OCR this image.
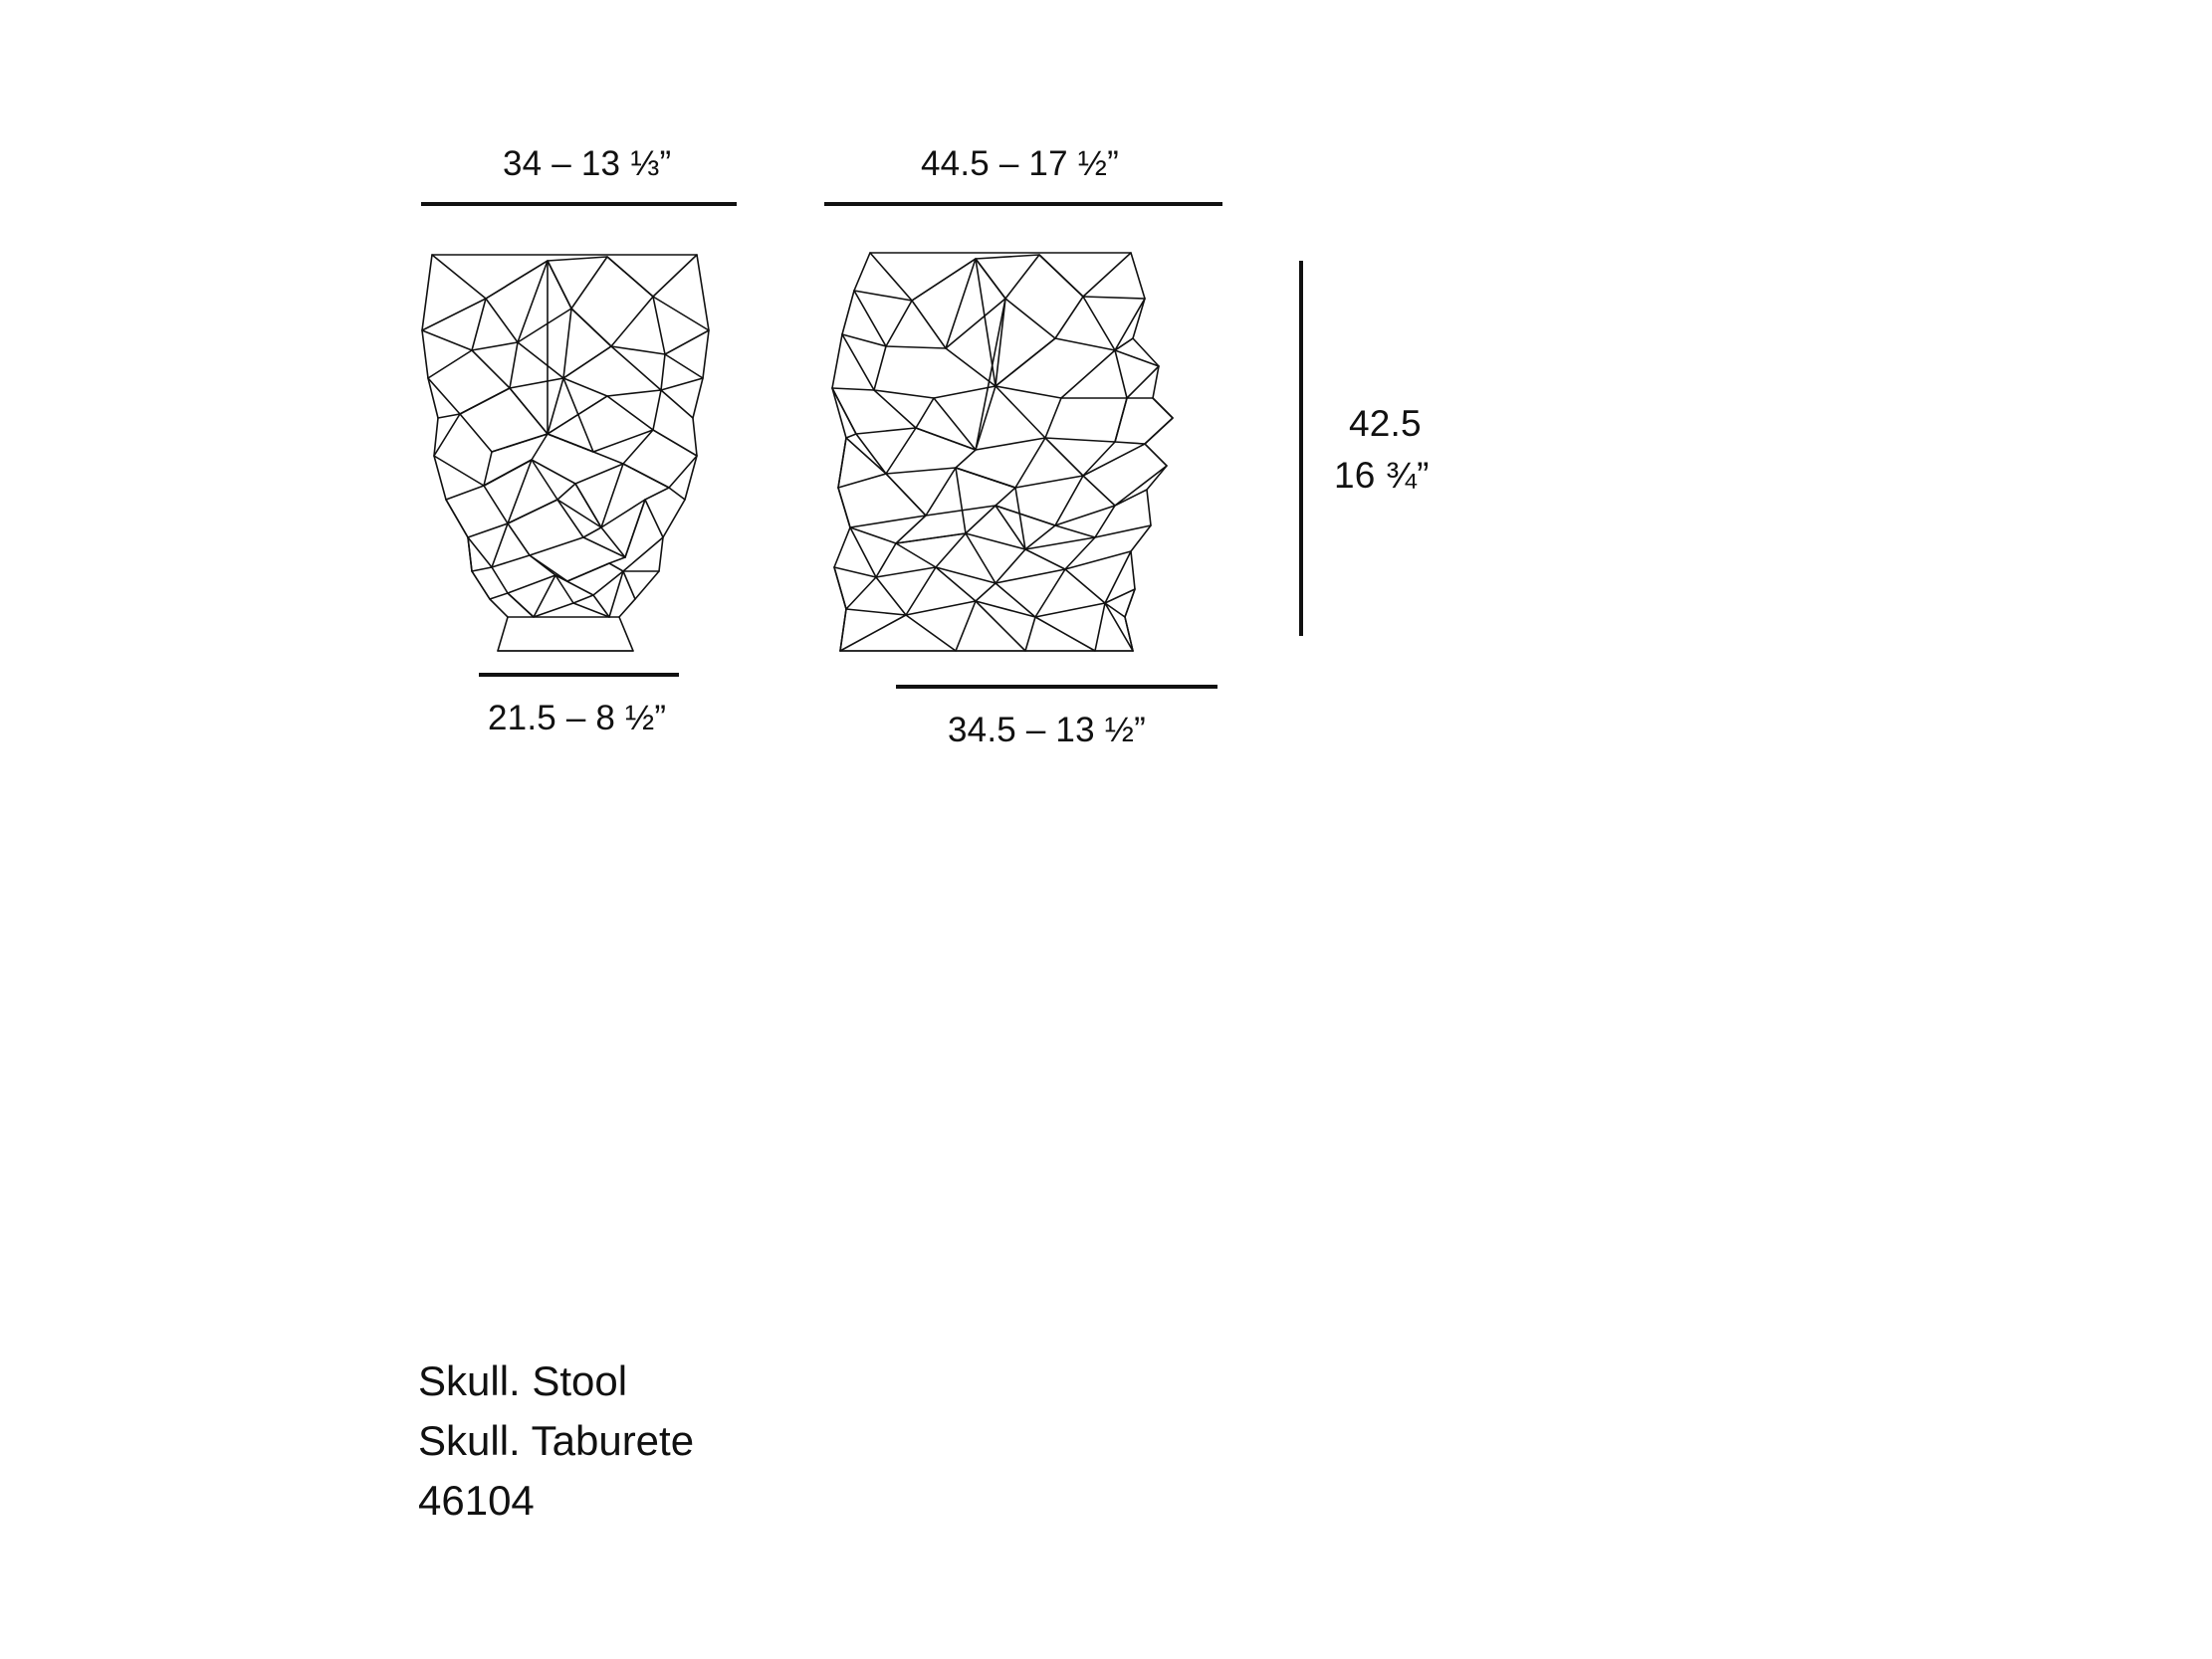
34 – 13 ⅓”	44.5 – 17 ½”
21.5 – 8 ½”	34.5 – 13 ½”
42.5
16 ¾”
Skull. Stool
Skull. Taburete
46104
